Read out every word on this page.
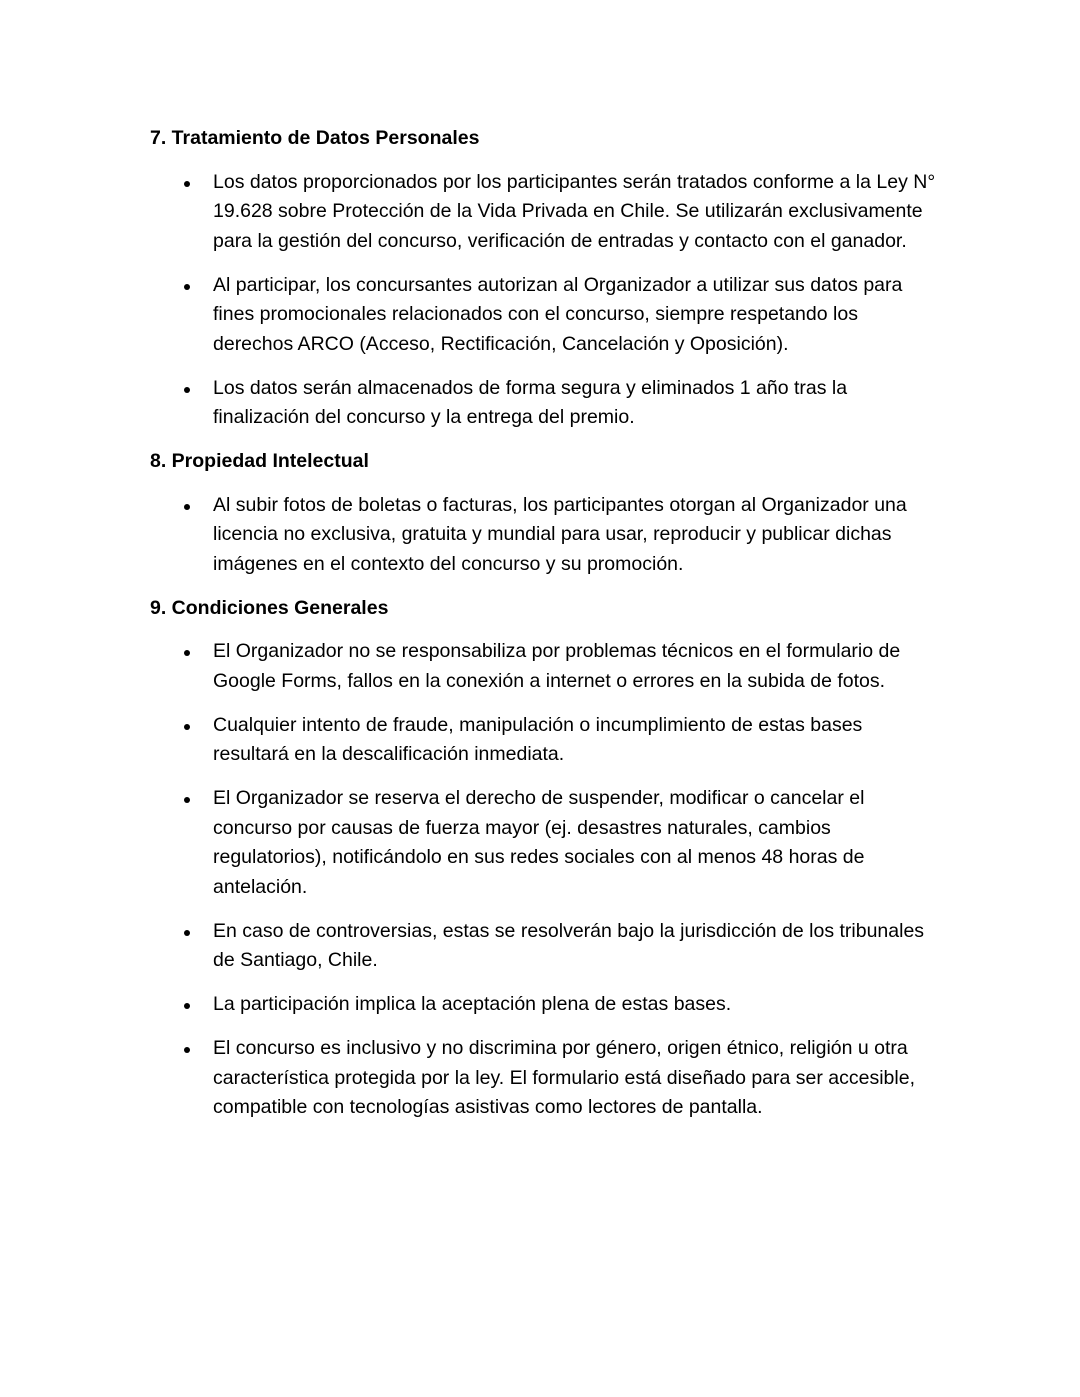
7. Tratamiento de Datos Personales
Los datos proporcionados por los participantes serán tratados conforme a la Ley N° 19.628 sobre Protección de la Vida Privada en Chile. Se utilizarán exclusivamente para la gestión del concurso, verificación de entradas y contacto con el ganador.
Al participar, los concursantes autorizan al Organizador a utilizar sus datos para fines promocionales relacionados con el concurso, siempre respetando los derechos ARCO (Acceso, Rectificación, Cancelación y Oposición).
Los datos serán almacenados de forma segura y eliminados 1 año tras la finalización del concurso y la entrega del premio.
8. Propiedad Intelectual
Al subir fotos de boletas o facturas, los participantes otorgan al Organizador una licencia no exclusiva, gratuita y mundial para usar, reproducir y publicar dichas imágenes en el contexto del concurso y su promoción.
9. Condiciones Generales
El Organizador no se responsabiliza por problemas técnicos en el formulario de Google Forms, fallos en la conexión a internet o errores en la subida de fotos.
Cualquier intento de fraude, manipulación o incumplimiento de estas bases resultará en la descalificación inmediata.
El Organizador se reserva el derecho de suspender, modificar o cancelar el concurso por causas de fuerza mayor (ej. desastres naturales, cambios regulatorios), notificándolo en sus redes sociales con al menos 48 horas de antelación.
En caso de controversias, estas se resolverán bajo la jurisdicción de los tribunales de Santiago, Chile.
La participación implica la aceptación plena de estas bases.
El concurso es inclusivo y no discrimina por género, origen étnico, religión u otra característica protegida por la ley. El formulario está diseñado para ser accesible, compatible con tecnologías asistivas como lectores de pantalla.
